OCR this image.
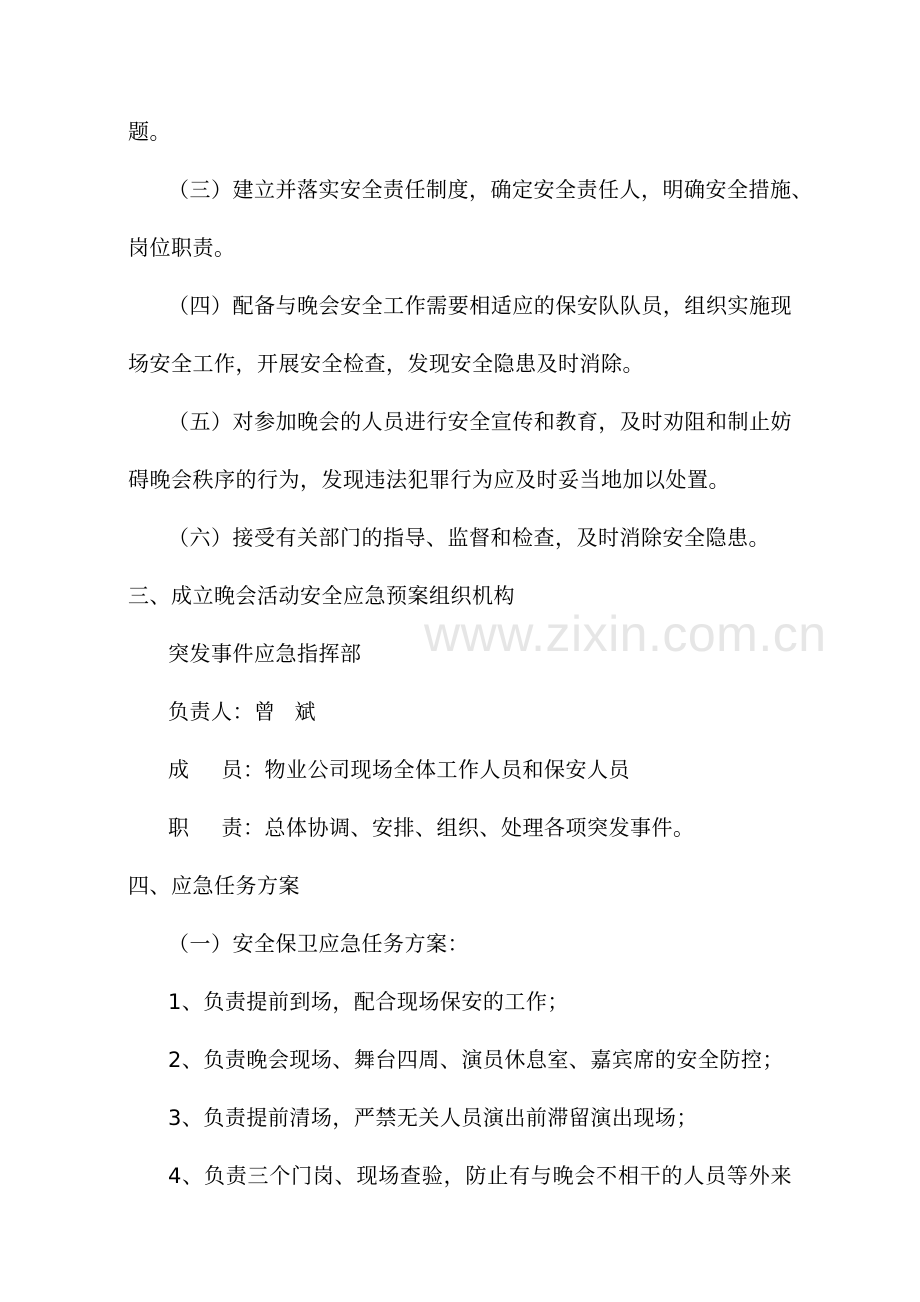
www.zixin.com.cn
题。
（三）建立并落实安全责任制度，确定安全责任人，明确安全措施、
岗位职责。
（四）配备与晚会安全工作需要相适应的保安队队员，组织实施现
场安全工作，开展安全检查，发现安全隐患及时消除。
（五）对参加晚会的人员进行安全宣传和教育，及时劝阻和制止妨
碍晚会秩序的行为，发现违法犯罪行为应及时妥当地加以处置。
（六）接受有关部门的指导、监督和检查，及时消除安全隐患。
三、成立晚会活动安全应急预案组织机构
突发事件应急指挥部
负责人：曾 斌
成 员：物业公司现场全体工作人员和保安人员
职 责：总体协调、安排、组织、处理各项突发事件。
四、应急任务方案
（一）安全保卫应急任务方案：
1、负责提前到场，配合现场保安的工作；
2、负责晚会现场、舞台四周、演员休息室、嘉宾席的安全防控；
3、负责提前清场，严禁无关人员演出前滞留演出现场；
4、负责三个门岗、现场查验，防止有与晚会不相干的人员等外来
